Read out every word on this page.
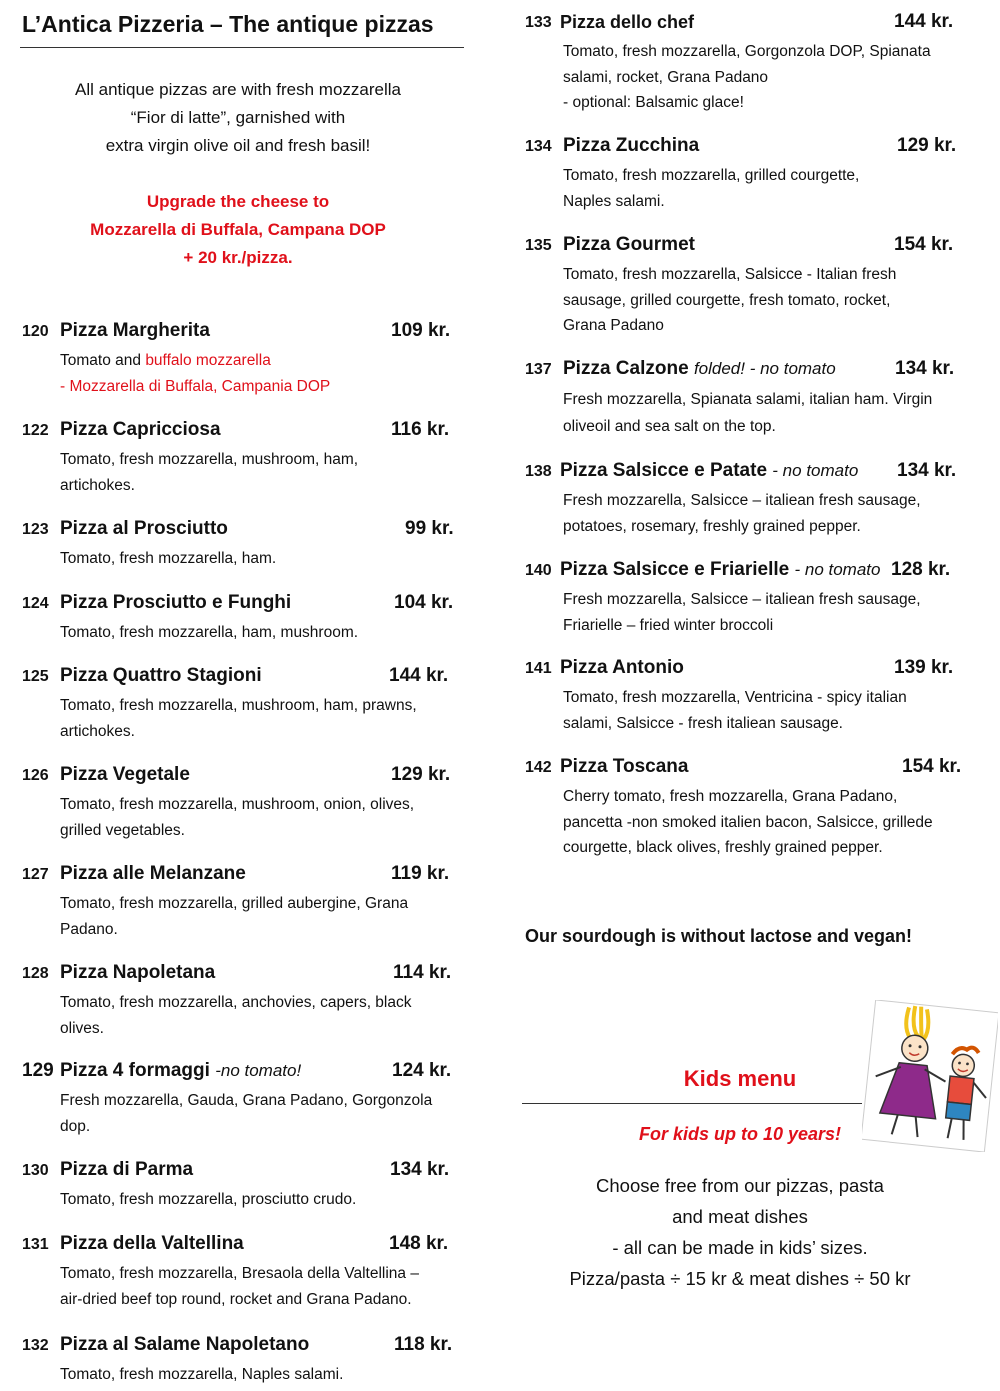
L’Antica Pizzeria – The antique pizzas

All antique pizzas are with fresh mozzarella

“Fior di latte”, garnished with

extra virgin olive oil and fresh basil!

Upgrade the cheese to

Mozzarella di Buffala, Campana DOP

+ 20 kr./pizza.

120 Pizza Margherita	109 kr.

Tomato and buffalo mozzarella
- Mozzarella di Buffala, Campania DOP

122 Pizza Capricciosa	116 kr.

Tomato, fresh mozzarella, mushroom, ham,
artichokes.

123 Pizza al Prosciutto	99 kr.

Tomato, fresh mozzarella, ham.

124 Pizza Prosciutto e Funghi	104 kr.

Tomato, fresh mozzarella, ham, mushroom.

125 Pizza Quattro Stagioni	144 kr.

Tomato, fresh mozzarella, mushroom, ham, prawns,
artichokes.

126 Pizza Vegetale	129 kr.

Tomato, fresh mozzarella, mushroom, onion, olives,
grilled vegetables.

127 Pizza alle Melanzane	119 kr.

Tomato, fresh mozzarella, grilled aubergine, Grana
Padano.

128 Pizza Napoletana	114 kr.

Tomato, fresh mozzarella, anchovies, capers, black
olives.

129 Pizza 4 formaggi -no tomato!	124 kr.

Fresh mozzarella, Gauda, Grana Padano, Gorgonzola
dop.

130 Pizza di Parma	134 kr.

Tomato, fresh mozzarella, prosciutto crudo.

131 Pizza della Valtellina	148 kr.

Tomato, fresh mozzarella, Bresaola della Valtellina –
air-dried beef top round, rocket and Grana Padano.

132 Pizza al Salame Napoletano	118 kr.

Tomato, fresh mozzarella, Naples salami.

133 Pizza dello chef	144 kr.

Tomato, fresh mozzarella, Gorgonzola DOP, Spianata
salami, rocket, Grana Padano
- optional: Balsamic glace!

134 Pizza Zucchina	129 kr.

Tomato, fresh mozzarella, grilled courgette,
Naples salami.

135 Pizza Gourmet	154 kr.

Tomato, fresh mozzarella, Salsicce - Italian fresh
sausage, grilled courgette, fresh tomato, rocket,
Grana Padano

137 Pizza Calzone folded! - no tomato	134 kr.

Fresh mozzarella, Spianata salami, italian ham. Virgin
oliveoil and sea salt on the top.

138 Pizza Salsicce e Patate - no tomato 134 kr.

Fresh mozzarella, Salsicce – italiean fresh sausage,
potatoes, rosemary, freshly grained pepper.

140 Pizza Salsicce e Friarielle - no tomato 128 kr.

Fresh mozzarella, Salsicce – italiean fresh sausage,
Friarielle – fried winter broccoli

141 Pizza Antonio	139 kr.

Tomato, fresh mozzarella, Ventricina - spicy italian
salami, Salsicce - fresh italiean sausage.

142 Pizza Toscana	154 kr.

Cherry tomato, fresh mozzarella, Grana Padano,
pancetta -non smoked italien bacon, Salsicce, grillede
courgette, black olives, freshly grained pepper.

Our sourdough is without lactose and vegan!

Kids menu

For kids up to 10 years!

Choose free from our pizzas, pasta

and meat dishes

- all can be made in kids’ sizes.

Pizza/pasta ÷ 15 kr & meat dishes ÷ 50 kr
